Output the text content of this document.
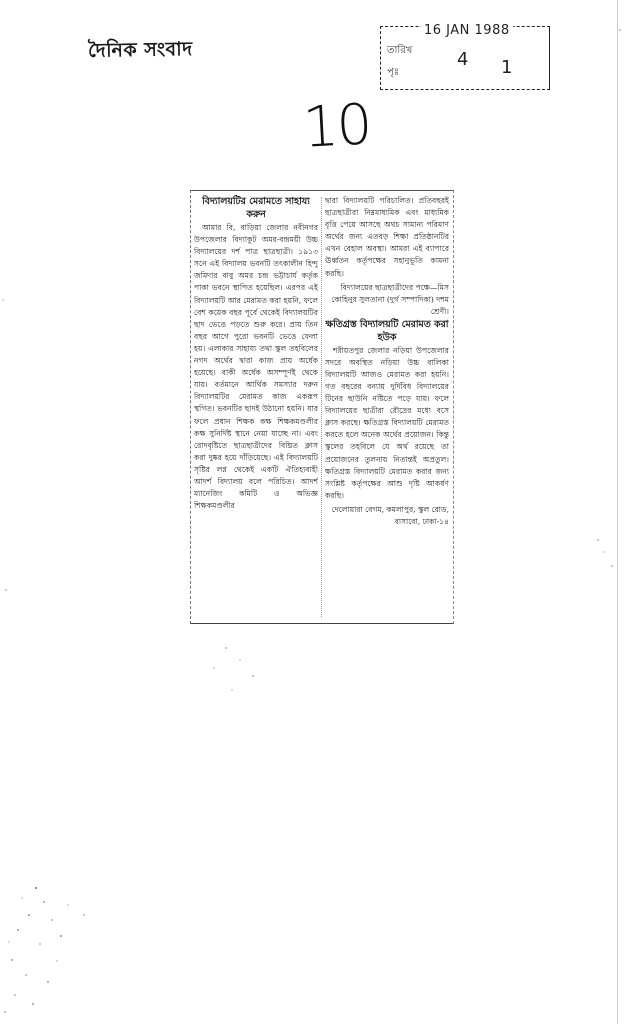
দৈনিক সংবাদ
16 JAN 1988
তারিখ
পৃঃ
4 1
10

বিদ্যালয়টির মেরামতে সাহায্য করুন

আমার বি, বাড়িয়া জেলার নবীনগর উপজেলার বিদ্যাকুট অমর-বন্দ্রময়ী উচ্চ বিদ্যালয়ের দর্শ পাত্র ছাত্রছাত্রী। ১৯১৩ সনে এই বিদ্যালয় ভবনটি তৎকালীন হিন্দু জমিদার বাবু অমর চন্দ্র ভট্টাচার্য কর্তৃক পাকা ভবনে স্থাপিত হয়েছিল। এরপর এই বিদ্যালয়টি আর মেরামত করা হয়নি, ফলে বেশ কয়েক বছর পূর্বে থেকেই বিদ্যালয়টির ছাদ ভেঙে পড়তে শুরু করে। প্রায় তিন বছর আগে পুরো ভবনটি ভেঙে ফেলা হয়। এলাকার সাহায্য তথা স্কুল তহবিলের নগদ অর্থের দ্বারা কাজ প্রায় অর্ধেক হয়েছে। বাকী অর্ধেক অসম্পূর্ণই থেকে যায়। বর্তমানে আর্থিক সমস্যার দরুন বিদ্যালয়টির মেরামত কাজ একরূপ স্থগিত। ভবনটির ছাদই উঠানো হয়নি। যার ফলে প্রধান শিক্ষক কক্ষ শিক্ষকমণ্ডলীর কক্ষ সুনির্দিষ্ট স্থানে নেয়া যাচ্ছে না। এবং রোদবৃষ্টিতে ছাত্রছাত্রীদের বিঘ্নিত ক্লাস করা দুষ্কর হয়ে দাঁড়িয়েছে। এই বিদ্যালয়টি সৃষ্টির লগ্ন থেকেই একটি ঐতিহ্যবাহী আদর্শ বিদ্যালয় বলে পরিচিত। আদর্শ ম্যানেজিং কমিটি ও অভিজ্ঞ শিক্ষকমণ্ডলীর

দ্বারা বিদ্যালয়টি পরিচালিত। প্রতিবছরই ছাত্রছাত্রীরা নিম্নমাধ্যমিক এবং মাধ্যমিক বৃত্তি পেয়ে আসছে অথচ সামান্য পরিমাণ অর্থের জন্য এতবড় শিক্ষা প্রতিষ্ঠানটির এখন বেহাল অবস্থা। আমরা এই ব্যাপারে ঊর্ধ্বতন কর্তৃপক্ষের সহানুভূতি কামনা করছি।

বিদ্যালয়ের ছাত্রছাত্রীদের পক্ষে—মিস কোহিনুর সুলতানা (দুর্গ সম্পাদিকা) দশম শ্রেণী।

ক্ষতিগ্রস্ত বিদ্যালয়টি মেরামত করা হউক

শরীয়তপুর জেলার নড়িয়া উপজেলার সদরে অবস্থিত নড়িয়া উচ্চ বালিকা বিদ্যালয়টি আজও মেরামত করা হয়নি। গত বছরের বন্যায় দুর্দিবিধ বিদ্যালয়ের টিনের ছাউনি নষ্টিতে পড়ে যায়। ফলে বিদ্যালয়ের ছাত্রীরা রৌদ্রের মধ্যে বসে ক্লাস করছে। ক্ষতিগ্রস্ত বিদ্যালয়টি মেরামত করতে হলে অনেক অর্থের প্রয়োজন। কিন্তু স্কুলের তহবিলে যে অর্থ রয়েছে তা প্রয়োজনের তুলনায় নিতান্তই অপ্রতুল। ক্ষতিগ্রস্ত বিদ্যালয়টি মেরামত করার জন্য সংশ্লিষ্ট কর্তৃপক্ষের আশু দৃষ্টি আকর্ষণ করছি।

দেলোয়ারা বেগম, কমলাপুর, স্কুল রোড, বাসাবো, ঢাকা-১৪
